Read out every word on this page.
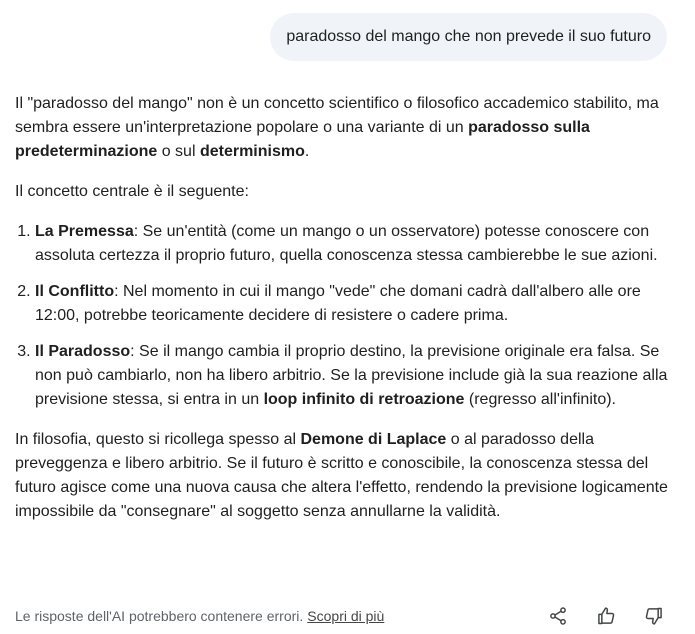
paradosso del mango che non prevede il suo futuro

Il "paradosso del mango" non è un concetto scientifico o filosofico accademico stabilito, ma sembra essere un'interpretazione popolare o una variante di un paradosso sulla predeterminazione o sul determinismo.

Il concetto centrale è il seguente:

1. La Premessa: Se un'entità (come un mango o un osservatore) potesse conoscere con assoluta certezza il proprio futuro, quella conoscenza stessa cambierebbe le sue azioni.
2. Il Conflitto: Nel momento in cui il mango "vede" che domani cadrà dall'albero alle ore 12:00, potrebbe teoricamente decidere di resistere o cadere prima.
3. Il Paradosso: Se il mango cambia il proprio destino, la previsione originale era falsa. Se non può cambiarlo, non ha libero arbitrio. Se la previsione include già la sua reazione alla previsione stessa, si entra in un loop infinito di retroazione (regresso all'infinito).

In filosofia, questo si ricollega spesso al Demone di Laplace o al paradosso della preveggenza e libero arbitrio. Se il futuro è scritto e conoscibile, la conoscenza stessa del futuro agisce come una nuova causa che altera l'effetto, rendendo la previsione logicamente impossibile da "consegnare" al soggetto senza annullarne la validità.

Le risposte dell'AI potrebbero contenere errori. Scopri di più
